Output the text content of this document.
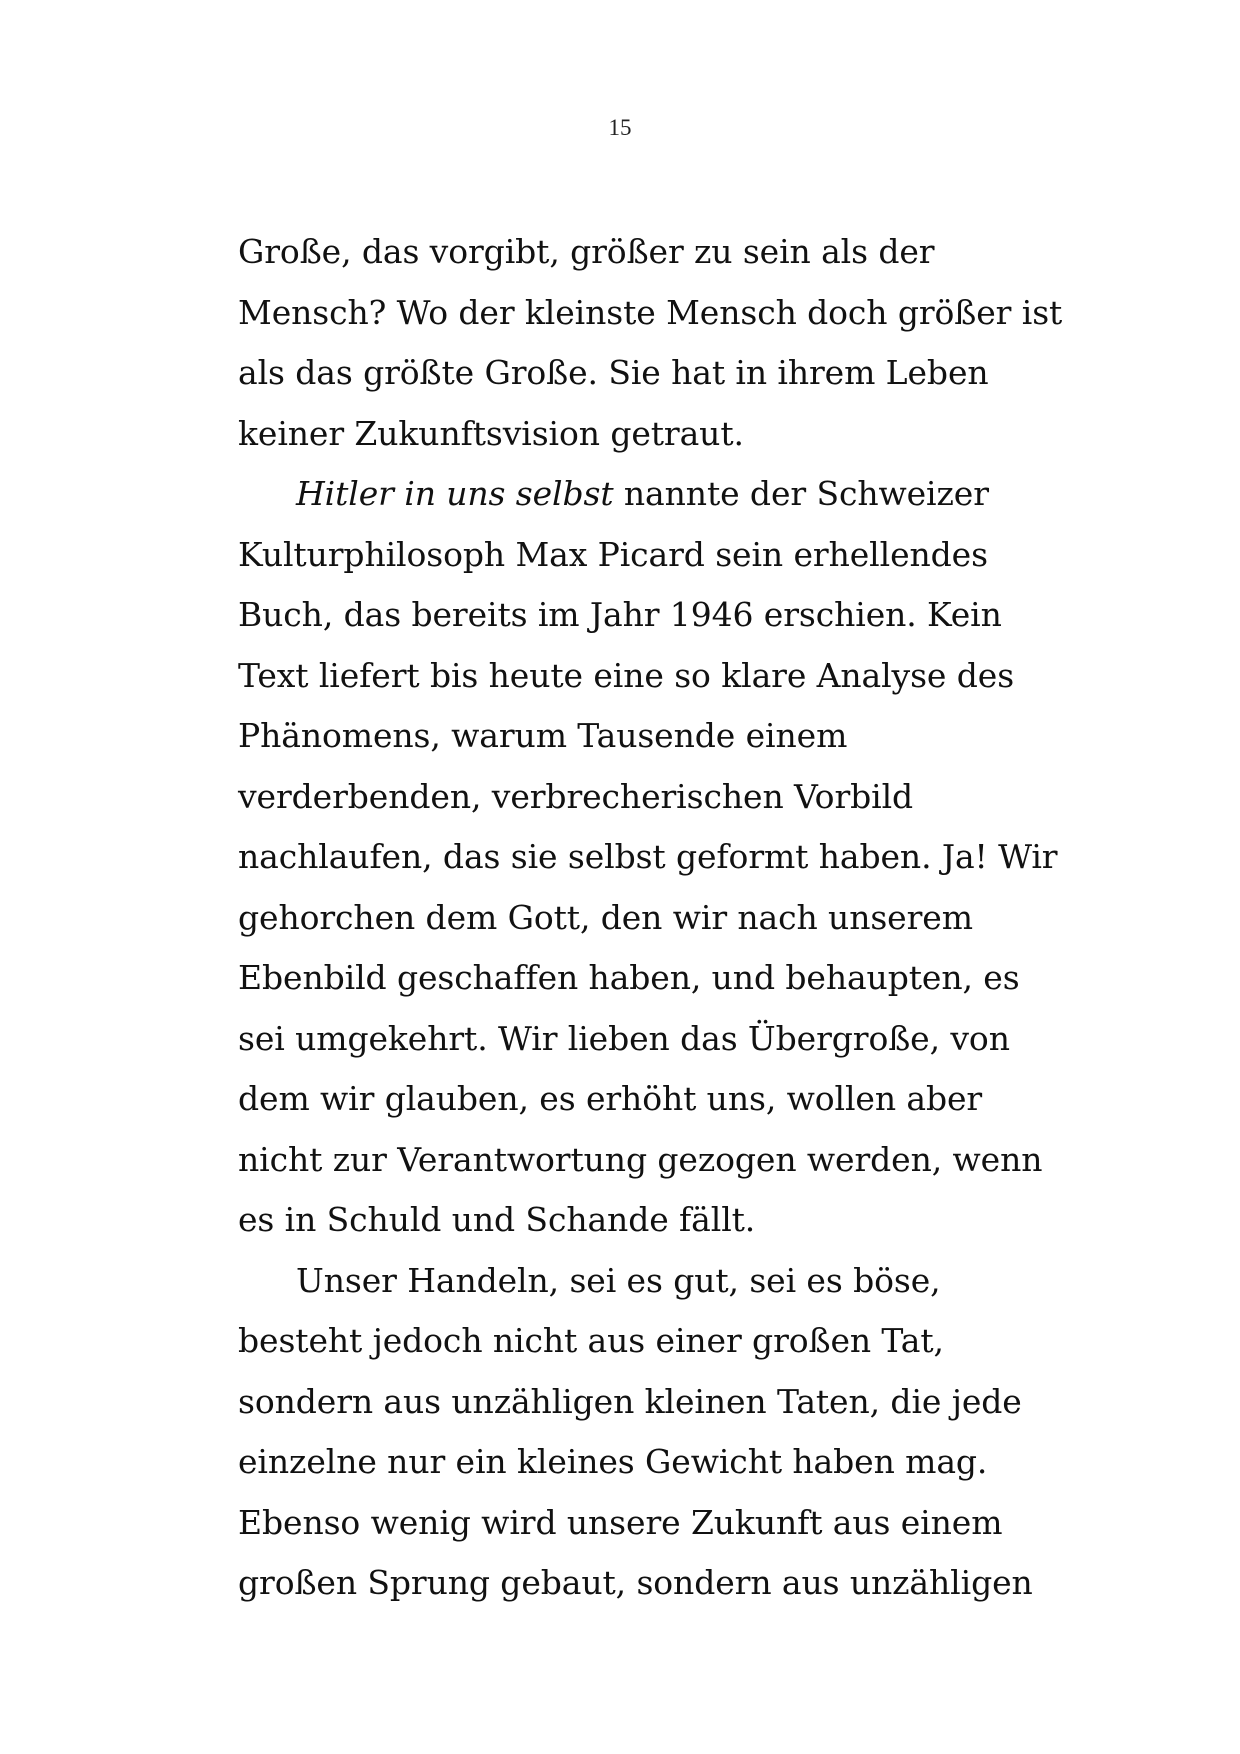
15
Große, das vorgibt, größer zu sein als der
Mensch? Wo der kleinste Mensch doch größer ist
als das größte Große. Sie hat in ihrem Leben
keiner Zukunftsvision getraut.
Hitler in uns selbst nannte der Schweizer
Kulturphilosoph Max Picard sein erhellendes
Buch, das bereits im Jahr 1946 erschien. Kein
Text liefert bis heute eine so klare Analyse des
Phänomens, warum Tausende einem
verderbenden, verbrecherischen Vorbild
nachlaufen, das sie selbst geformt haben. Ja! Wir
gehorchen dem Gott, den wir nach unserem
Ebenbild geschaffen haben, und behaupten, es
sei umgekehrt. Wir lieben das Übergroße, von
dem wir glauben, es erhöht uns, wollen aber
nicht zur Verantwortung gezogen werden, wenn
es in Schuld und Schande fällt.
Unser Handeln, sei es gut, sei es böse,
besteht jedoch nicht aus einer großen Tat,
sondern aus unzähligen kleinen Taten, die jede
einzelne nur ein kleines Gewicht haben mag.
Ebenso wenig wird unsere Zukunft aus einem
großen Sprung gebaut, sondern aus unzähligen
